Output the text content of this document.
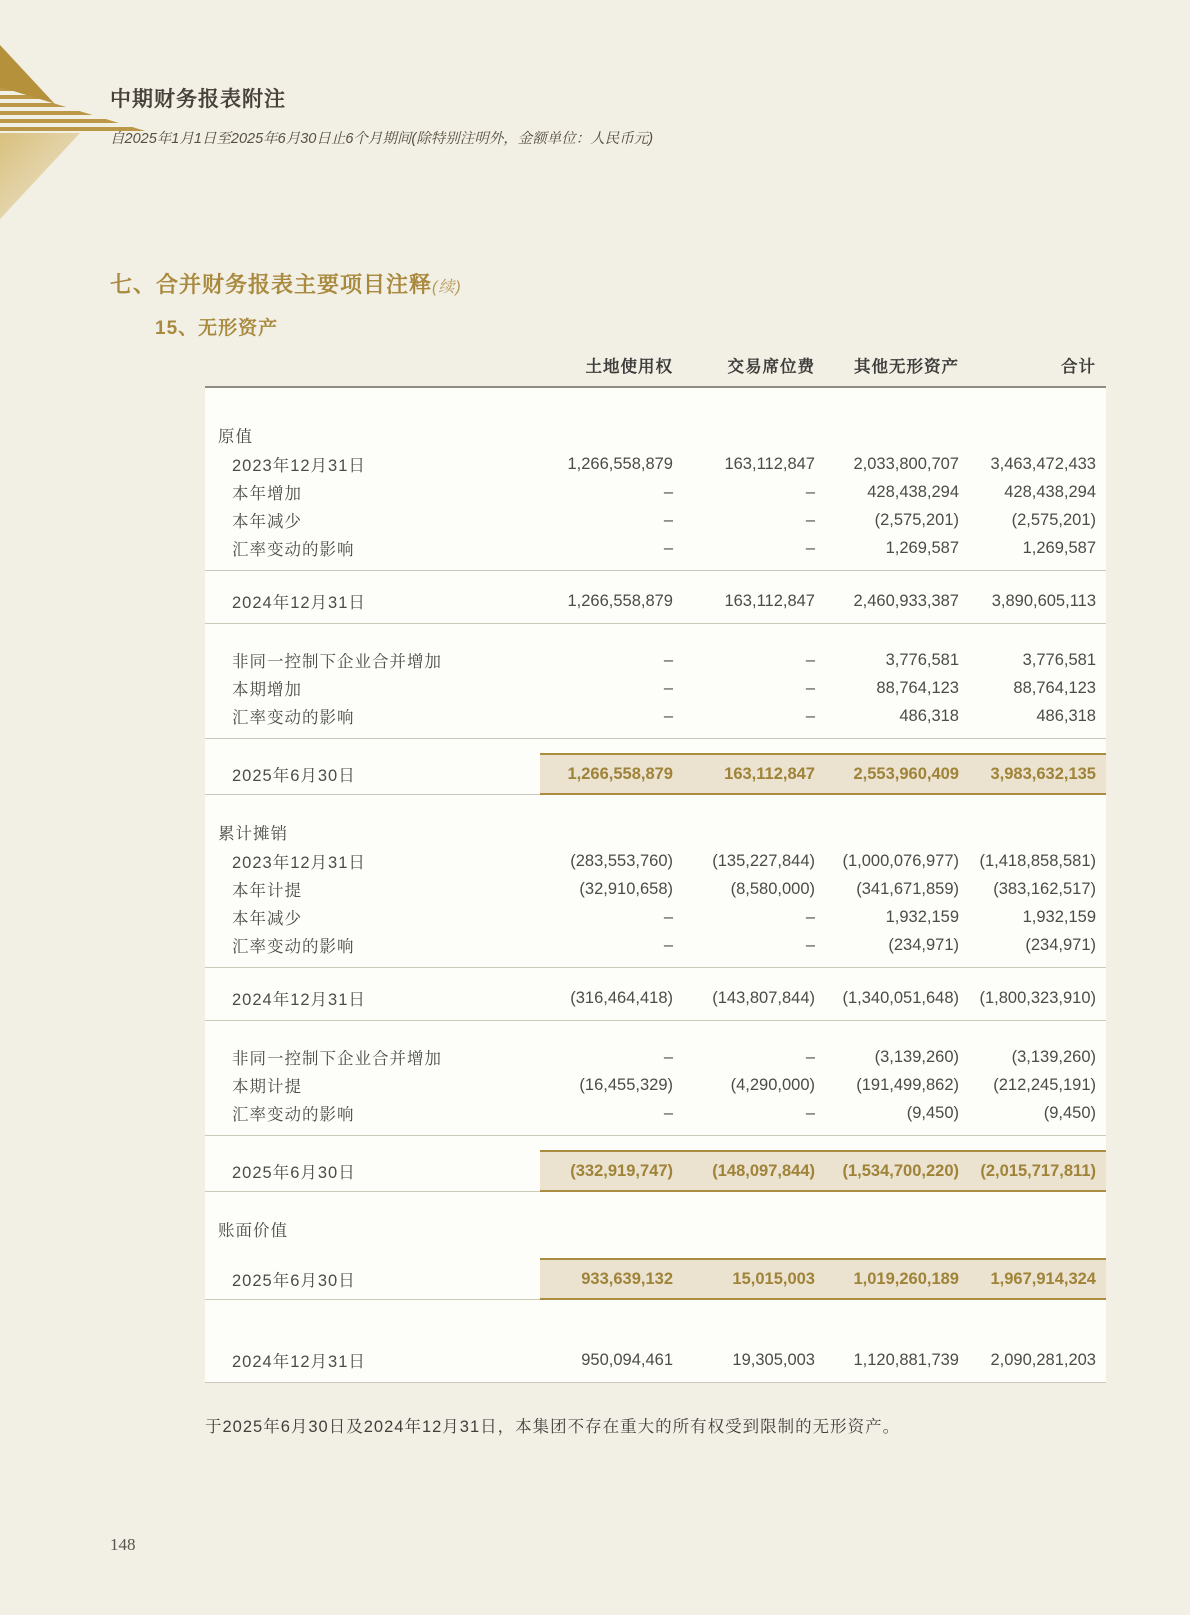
中期财务报表附注
自2025年1月1日至2025年6月30日止6个月期间(除特别注明外，金额单位：人民币元)
七、合并财务报表主要项目注释(续)
15、无形资产
土地使用权	交易席位费	其他无形资产	合计
原值
2023年12月31日	1,266,558,879	163,112,847	2,033,800,707	3,463,472,433
本年增加	–	–	428,438,294	428,438,294
本年减少	–	–	(2,575,201)	(2,575,201)
汇率变动的影响	–	–	1,269,587	1,269,587
2024年12月31日	1,266,558,879	163,112,847	2,460,933,387	3,890,605,113
非同一控制下企业合并增加	–	–	3,776,581	3,776,581
本期增加	–	–	88,764,123	88,764,123
汇率变动的影响	–	–	486,318	486,318
2025年6月30日	1,266,558,879	163,112,847	2,553,960,409	3,983,632,135
累计摊销
2023年12月31日	(283,553,760)	(135,227,844)	(1,000,076,977)	(1,418,858,581)
本年计提	(32,910,658)	(8,580,000)	(341,671,859)	(383,162,517)
本年减少	–	–	1,932,159	1,932,159
汇率变动的影响	–	–	(234,971)	(234,971)
2024年12月31日	(316,464,418)	(143,807,844)	(1,340,051,648)	(1,800,323,910)
非同一控制下企业合并增加	–	–	(3,139,260)	(3,139,260)
本期计提	(16,455,329)	(4,290,000)	(191,499,862)	(212,245,191)
汇率变动的影响	–	–	(9,450)	(9,450)
2025年6月30日	(332,919,747)	(148,097,844)	(1,534,700,220)	(2,015,717,811)
账面价值
2025年6月30日	933,639,132	15,015,003	1,019,260,189	1,967,914,324
2024年12月31日	950,094,461	19,305,003	1,120,881,739	2,090,281,203
于2025年6月30日及2024年12月31日，本集团不存在重大的所有权受到限制的无形资产。
148
